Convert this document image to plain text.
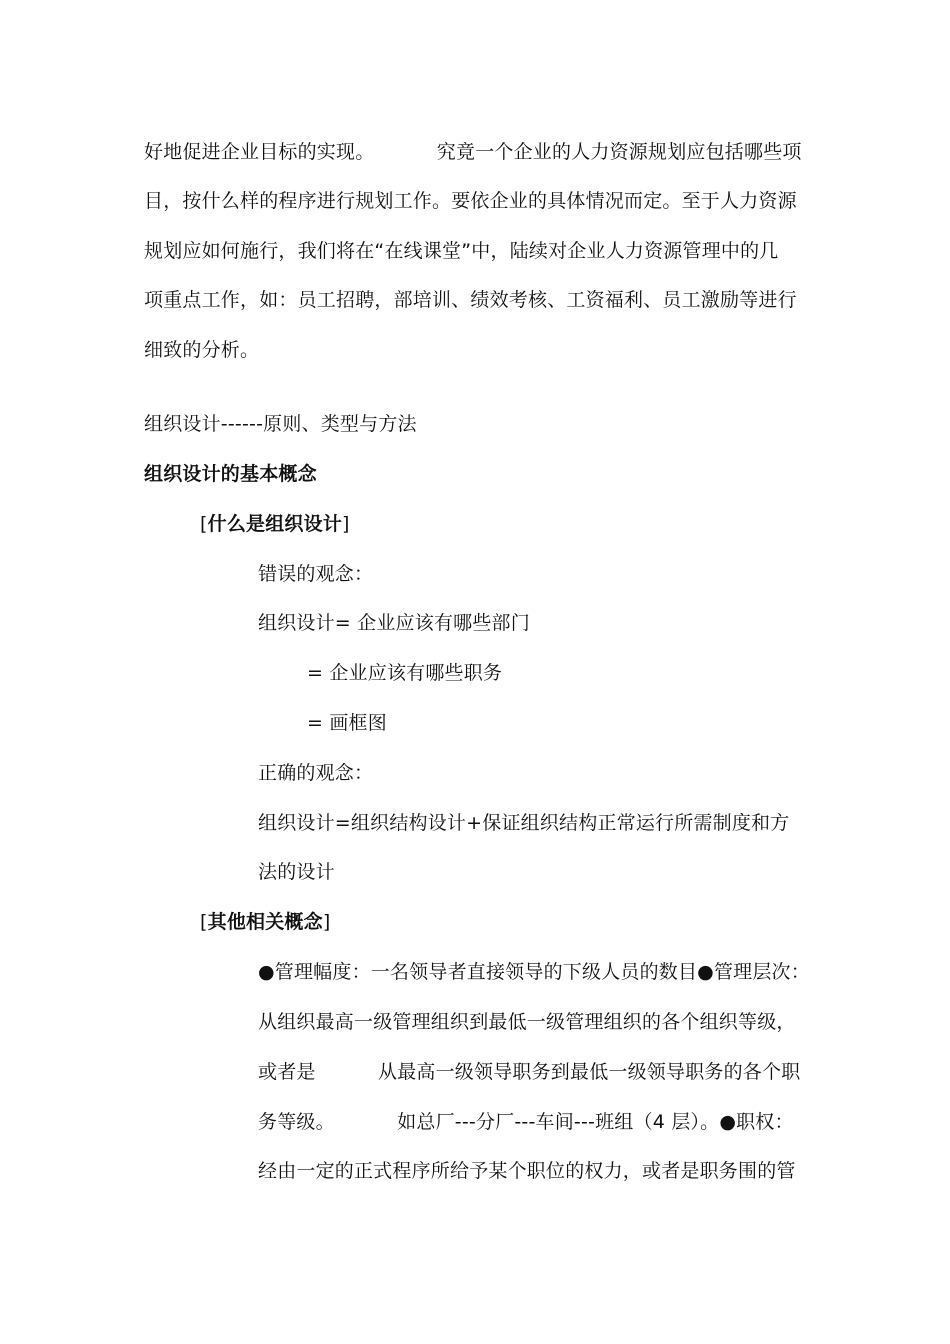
好地促进企业目标的实现。          究竟一个企业的人力资源规划应包括哪些项
目，按什么样的程序进行规划工作。要依企业的具体情况而定。至于人力资源
规划应如何施行，我们将在“在线课堂”中，陆续对企业人力资源管理中的几
项重点工作，如：员工招聘，部培训、绩效考核、工资福利、员工激励等进行
细致的分析。
组织设计------原则、类型与方法
组织设计的基本概念
[什么是组织设计]
错误的观念：
组织设计= 企业应该有哪些部门
= 企业应该有哪些职务
= 画框图
正确的观念：
组织设计=组织结构设计+保证组织结构正常运行所需制度和方
法的设计
[其他相关概念]
●管理幅度：一名领导者直接领导的下级人员的数目●管理层次：
从组织最高一级管理组织到最低一级管理组织的各个组织等级，
或者是          从最高一级领导职务到最低一级领导职务的各个职
务等级。          如总厂---分厂---车间---班组（4 层）。●职权：
经由一定的正式程序所给予某个职位的权力，或者是职务围的管
